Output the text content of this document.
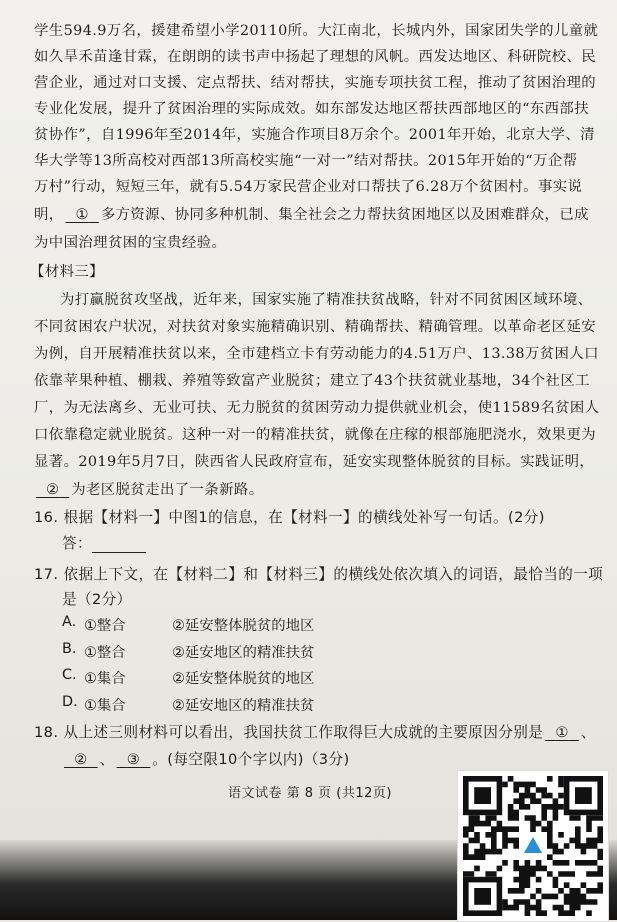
学生594.9万名，援建希望小学20110所。大江南北，长城内外，国家团失学的儿童就
如久旱禾苗逢甘霖，在朗朗的读书声中扬起了理想的风帆。西发达地区、科研院校、民
营企业，通过对口支援、定点帮扶、结对帮扶，实施专项扶贫工程，推动了贫困治理的
专业化发展，提升了贫困治理的实际成效。如东部发达地区帮扶西部地区的“东西部扶
贫协作”，自1996年至2014年，实施合作项目8万余个。2001年开始，北京大学、清
华大学等13所高校对西部13所高校实施“一对一”结对帮扶。2015年开始的“万企帮
万村”行动，短短三年，就有5.54万家民营企业对口帮扶了6.28万个贫困村。事实说
明， ① 多方资源、协同多种机制、集全社会之力帮扶贫困地区以及困难群众，已成
为中国治理贫困的宝贵经验。
【材料三】
为打赢脱贫攻坚战，近年来，国家实施了精准扶贫战略，针对不同贫困区域环境、
不同贫困农户状况，对扶贫对象实施精确识别、精确帮扶、精确管理。以革命老区延安
为例，自开展精准扶贫以来，全市建档立卡有劳动能力的4.51万户、13.38万贫困人口
依靠苹果种植、棚栽、养殖等致富产业脱贫；建立了43个扶贫就业基地，34个社区工
厂，为无法离乡、无业可扶、无力脱贫的贫困劳动力提供就业机会，使11589名贫困人
口依靠稳定就业脱贫。这种一对一的精准扶贫，就像在庄稼的根部施肥浇水，效果更为
显著。2019年5月7日，陕西省人民政府宣布，延安实现整体脱贫的目标。实践证明，
② 为老区脱贫走出了一条新路。
16. 根据【材料一】中图1的信息，在【材料一】的横线处补写一句话。(2分)
答：
17. 依据上下文，在【材料二】和【材料三】的横线处依次填入的词语，最恰当的一项
是（2分）
A. ①整合	②延安整体脱贫的地区
B. ①整合	②延安地区的精准扶贫
C. ①集合	②延安整体脱贫的地区
D. ①集合	②延安地区的精准扶贫
18. 从上述三则材料可以看出，我国扶贫工作取得巨大成就的主要原因分别是 ① 、
② 、 ③ 。(每空限10个字以内)（3分)
语文试卷 第 8 页 (共12页)
